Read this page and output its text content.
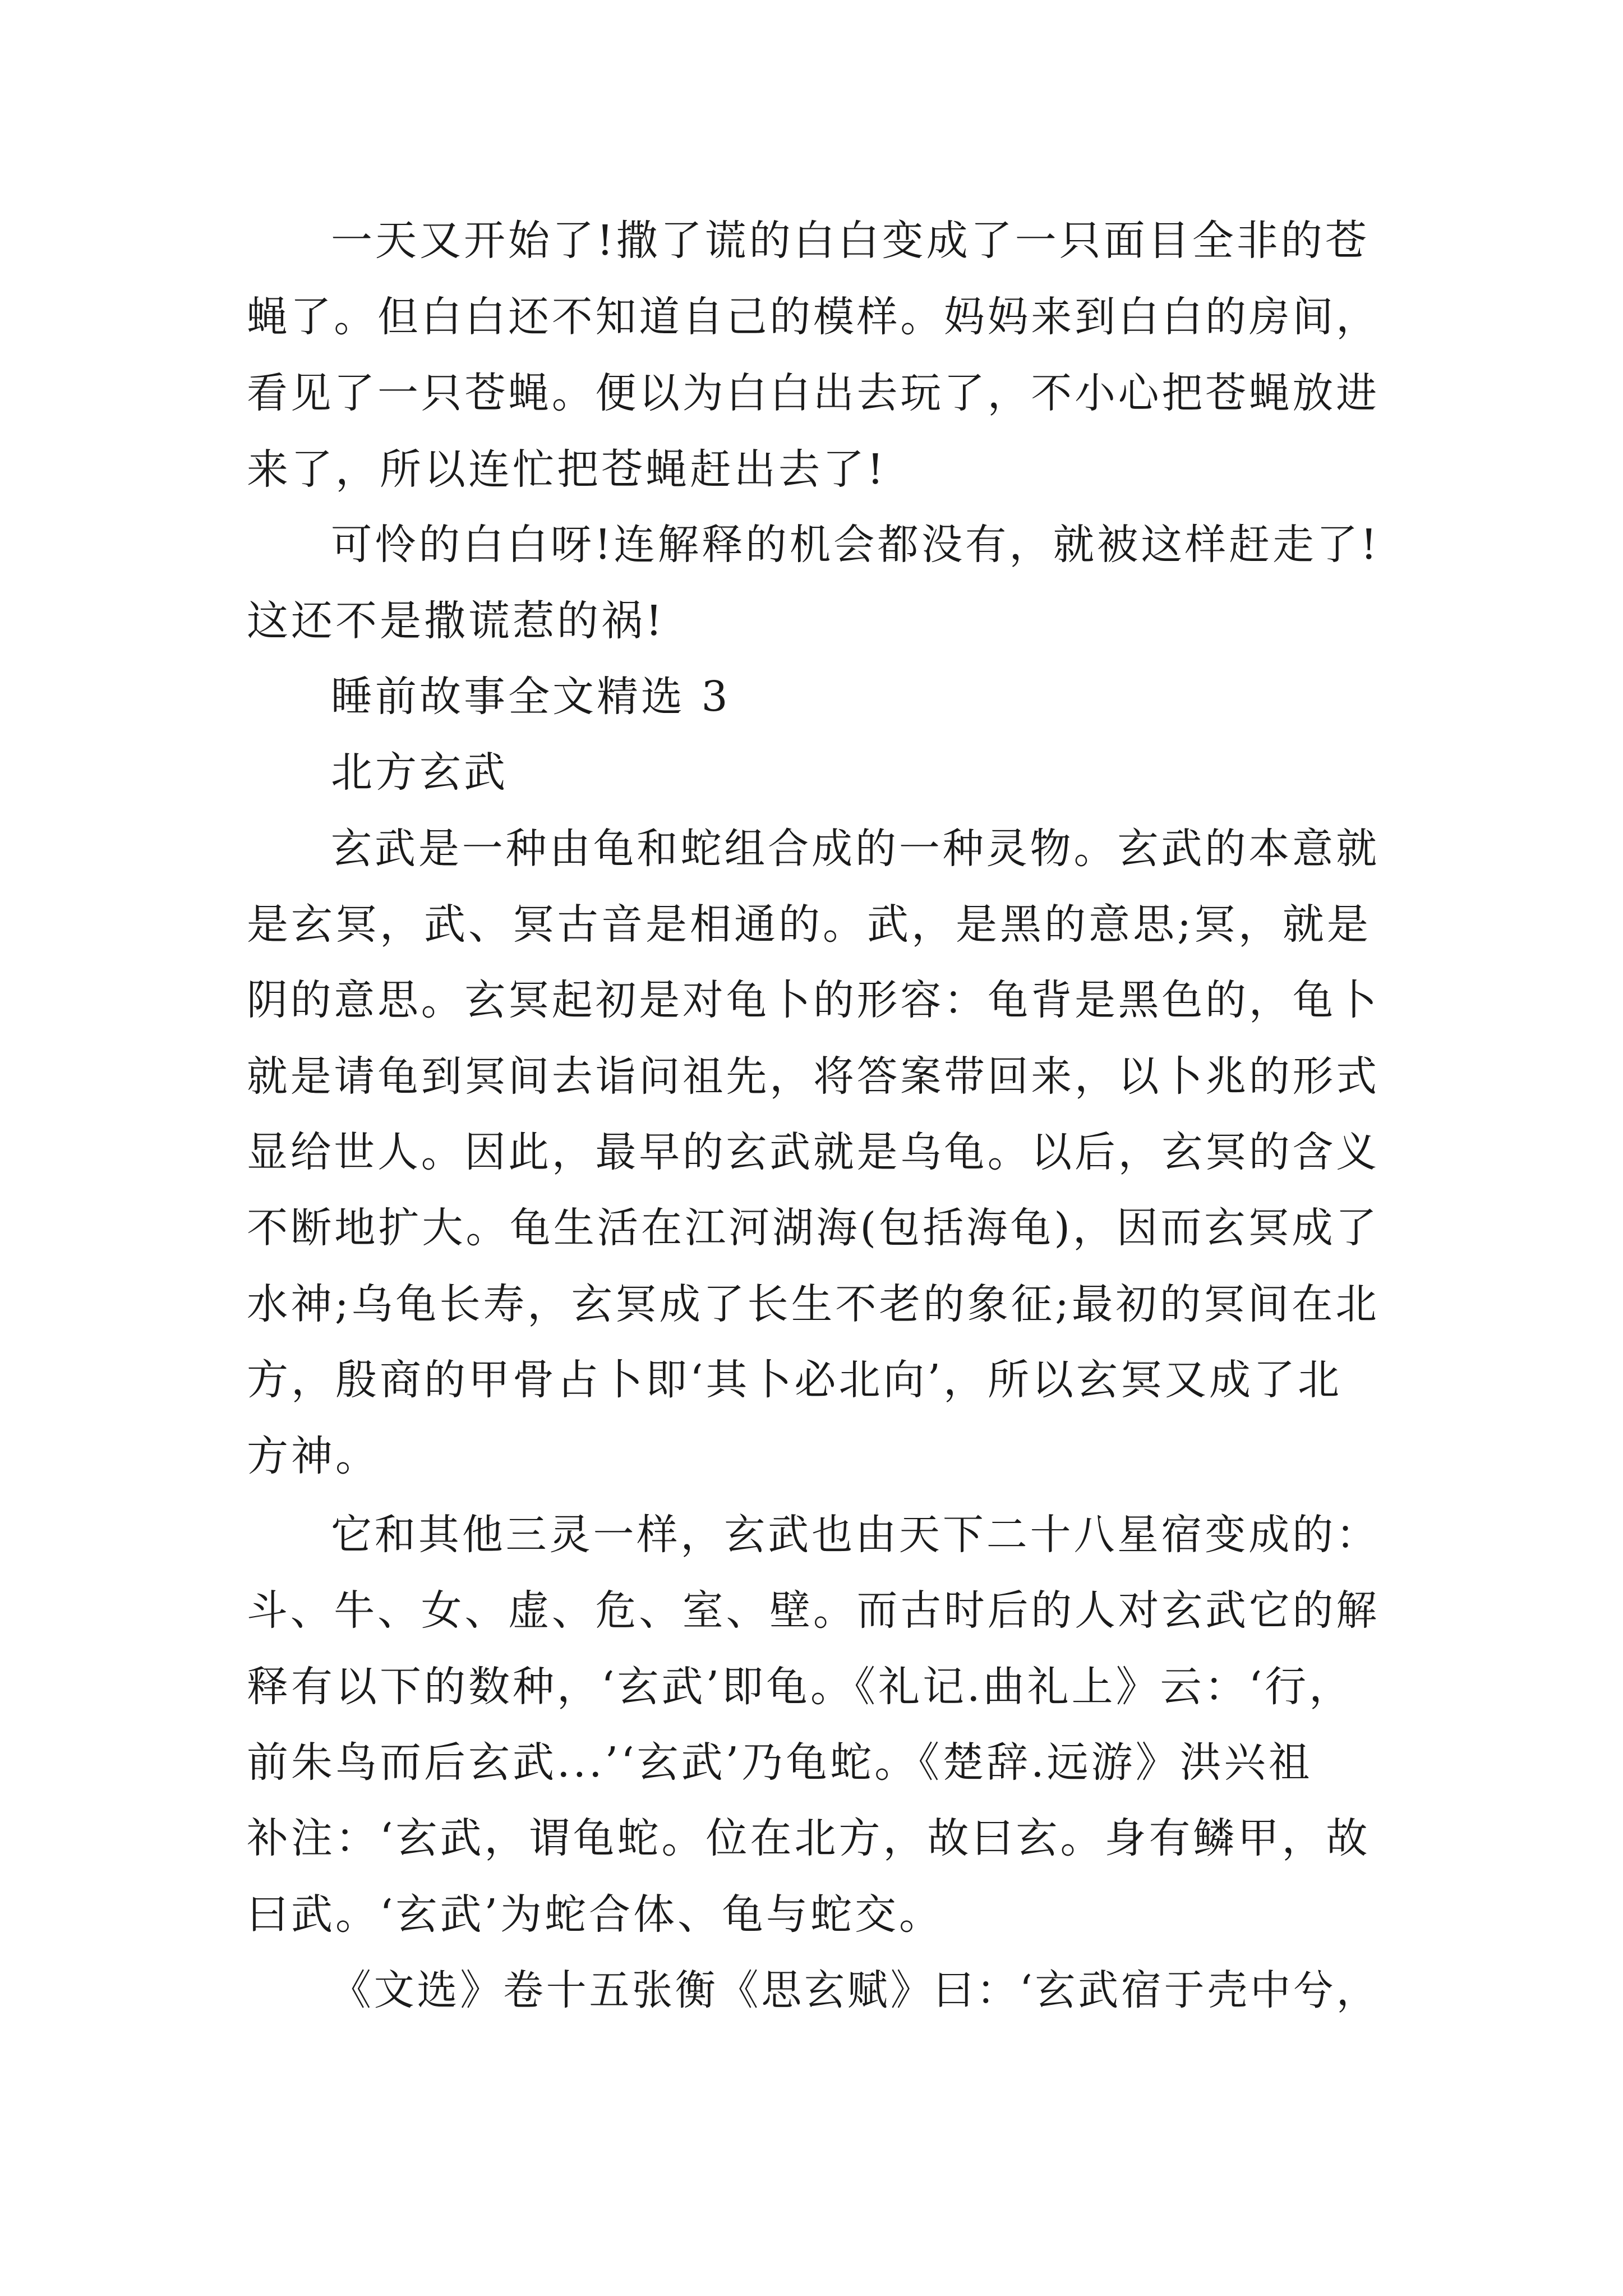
一天又开始了!撒了谎的白白变成了一只面目全非的苍

蝇了。但白白还不知道自己的模样。妈妈来到白白的房间，

看见了一只苍蝇。便以为白白出去玩了，不小心把苍蝇放进

来了，所以连忙把苍蝇赶出去了!

可怜的白白呀!连解释的机会都没有，就被这样赶走了!

这还不是撒谎惹的祸!

睡前故事全文精选 3

北方玄武

玄武是一种由龟和蛇组合成的一种灵物。玄武的本意就

是玄冥，武、冥古音是相通的。武，是黑的意思;冥，就是

阴的意思。玄冥起初是对龟卜的形容：龟背是黑色的，龟卜

就是请龟到冥间去诣问祖先，将答案带回来，以卜兆的形式

显给世人。因此，最早的玄武就是乌龟。以后，玄冥的含义

不断地扩大。龟生活在江河湖海(包括海龟)，因而玄冥成了

水神;乌龟长寿，玄冥成了长生不老的象征;最初的冥间在北

方，殷商的甲骨占卜即‘其卜必北向’，所以玄冥又成了北

方神。

它和其他三灵一样，玄武也由天下二十八星宿变成的：

斗、牛、女、虚、危、室、壁。而古时后的人对玄武它的解

释有以下的数种，‘玄武’即龟。《礼记.曲礼上》云：‘行，

前朱鸟而后玄武...’‘玄武’乃龟蛇。《楚辞.远游》洪兴祖

补注：‘玄武，谓龟蛇。位在北方，故曰玄。身有鳞甲，故

曰武。‘玄武’为蛇合体、龟与蛇交。

《文选》卷十五张衡《思玄赋》曰：‘玄武宿于壳中兮，
